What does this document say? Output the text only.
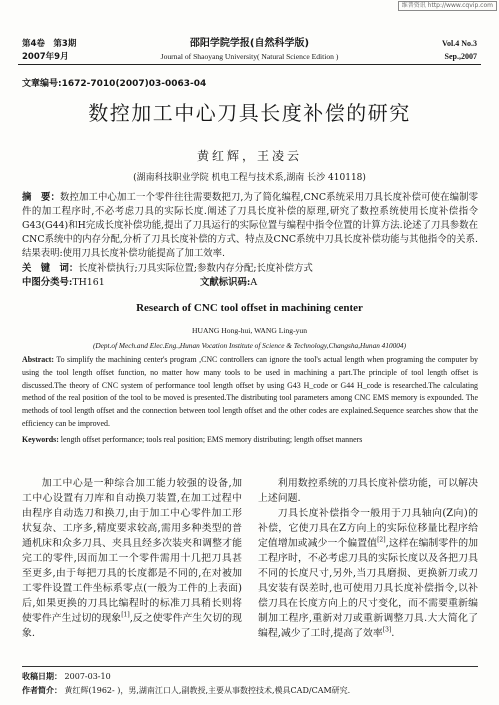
维普资讯 http://www.cqvip.com
第4卷　第3期
2007年9月
邵阳学院学报(自然科学版)
Journal of Shaoyang University( Natural Science Edition )
Vol.4 No.3
Sep.,2007
文章编号:1672-7010(2007)03-0063-04
数控加工中心刀具长度补偿的研究
黄红辉，王凌云
(湖南科技职业学院 机电工程与技术系,湖南 长沙 410118)
摘　要：数控加工中心加工一个零件往往需要数把刀,为了简化编程,CNC系统采用刀具长度补偿可使在编制零件的加工程序时,不必考虑刀具的实际长度.阐述了刀具长度补偿的原理,研究了数控系统使用长度补偿指令G43(G44)和H完成长度补偿功能,提出了刀具运行的实际位置与编程中指令位置的计算方法.论述了刀具参数在CNC系统中的内存分配,分析了刀具长度补偿的方式、特点及CNC系统中刀具长度补偿功能与其他指令的关系.结果表明:使用刀具长度补偿功能提高了加工效率.
关　键　词：长度补偿执行;刀具实际位置;参数内存分配;长度补偿方式
中图分类号:TH161	文献标识码:A
Research of CNC tool offset in machining center
HUANG Hong-hui, WANG Ling-yun
(Dept.of Mech.and Elec.Eng.,Hunan Vocation Institute of Science & Technology,Changsha,Hunan 410004)
Abstract: To simplify the machining center's program ,CNC controllers can ignore the tool's actual length when programing the computer by using the tool length offset function, no matter how many tools to be used in machining a part.The principle of tool length offset is discussed.The theory of CNC system of performance tool length offset by using G43 H_code or G44 H_code is researched.The calculating method of the real position of the tool to be moved is presented.The distributing tool parameters among CNC EMS memory is expounded. The methods of tool length offset and the connection between tool length offset and the other codes are explained.Sequence searches show that the efficiency can be improved.
Keywords: length offset performance; tools real position; EMS memory distributing; length offset manners

加工中心是一种综合加工能力较强的设备,加工中心设置有刀库和自动换刀装置,在加工过程中由程序自动选刀和换刀,由于加工中心零件加工形状复杂、工序多,精度要求较高,需用多种类型的普通机床和众多刀具、夹具且经多次装夹和调整才能完工的零件,因而加工一个零件需用十几把刀具甚至更多,由于每把刀具的长度都是不同的,在对被加工零件设置工件坐标系零点(一般为工件的上表面)后,如果更换的刀具比编程时的标准刀具稍长则将使零件产生过切的现象[1],反之使零件产生欠切的现象.

利用数控系统的刀具长度补偿功能，可以解决上述问题.

刀具长度补偿指令一般用于刀具轴向(Z向)的补偿，它使刀具在Z方向上的实际位移量比程序给定值增加或减少一个偏置值[2],这样在编制零件的加工程序时，不必考虑刀具的实际长度以及各把刀具不同的长度尺寸,另外,当刀具磨损、更换新刀或刀具安装有误差时,也可使用刀具长度补偿指令,以补偿刀具在长度方向上的尺寸变化，而不需要重新编制加工程序,重新对刀或重新调整刀具.大大简化了编程,减少了工时,提高了效率[3].

收稿日期： 2007-03-10
作者简介： 黄红辉(1962- )，男,湖南江口人,副教授,主要从事数控技术,模具CAD/CAM研究.
